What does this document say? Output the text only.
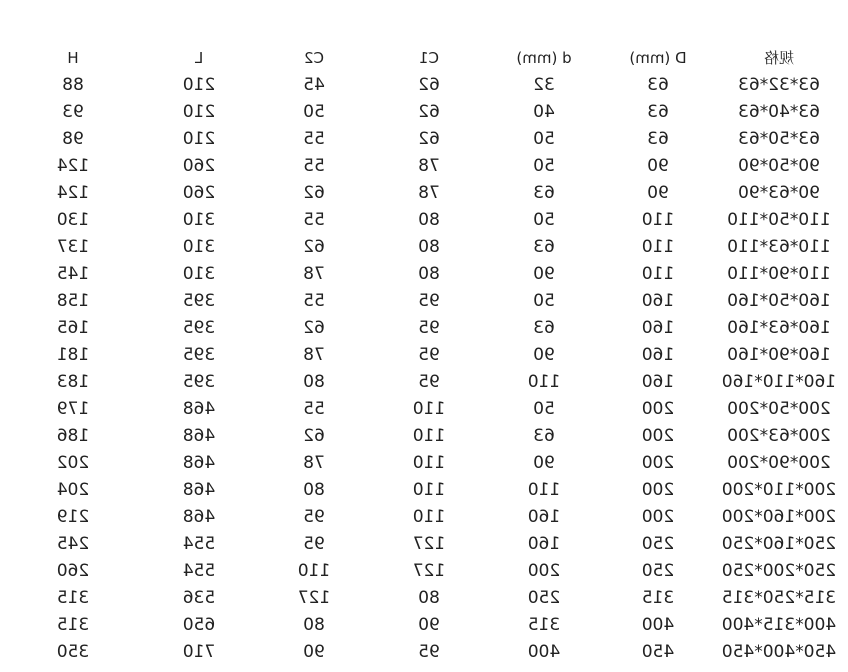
规格	D (mm)	d (mm)	C1	C2	L	H
63*32*63	63	32	62	45	210	88
63*40*63	63	40	62	50	210	93
63*50*63	63	50	62	55	210	98
90*50*90	90	50	78	55	260	124
90*63*90	90	63	78	62	260	124
110*50*110	110	50	80	55	310	130
110*63*110	110	63	80	62	310	137
110*90*110	110	90	80	78	310	145
160*50*160	160	50	95	55	395	158
160*63*160	160	63	95	62	395	165
160*90*160	160	90	95	78	395	181
160*110*160	160	110	95	80	395	183
200*50*200	200	50	110	55	468	179
200*63*200	200	63	110	62	468	186
200*90*200	200	90	110	78	468	202
200*110*200	200	110	110	80	468	204
200*160*200	200	160	110	95	468	219
250*160*250	250	160	127	95	554	245
250*200*250	250	200	127	110	554	260
315*250*315	315	250	80	127	536	315
400*315*400	400	315	90	80	650	315
450*400*450	450	400	95	90	710	350
